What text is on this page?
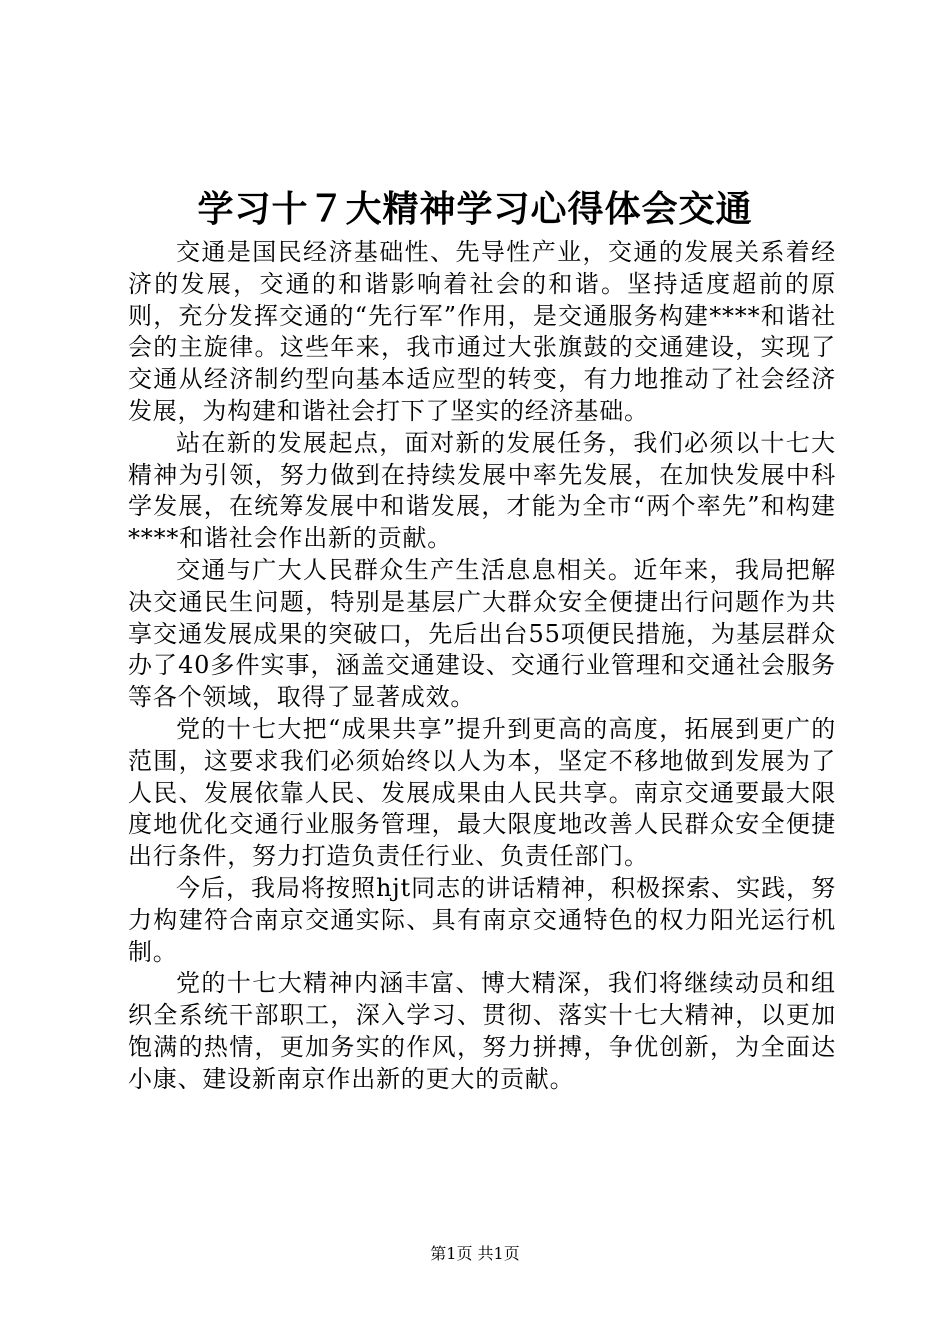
学习十７大精神学习心得体会交通

交通是国民经济基础性、先导性产业，交通的发展关系着经济的发展，交通的和谐影响着社会的和谐。坚持适度超前的原则，充分发挥交通的“先行军”作用，是交通服务构建****和谐社会的主旋律。这些年来，我市通过大张旗鼓的交通建设，实现了交通从经济制约型向基本适应型的转变，有力地推动了社会经济发展，为构建和谐社会打下了坚实的经济基础。

站在新的发展起点，面对新的发展任务，我们必须以十七大精神为引领，努力做到在持续发展中率先发展，在加快发展中科学发展，在统筹发展中和谐发展，才能为全市“两个率先”和构建****和谐社会作出新的贡献。

交通与广大人民群众生产生活息息相关。近年来，我局把解决交通民生问题，特别是基层广大群众安全便捷出行问题作为共享交通发展成果的突破口，先后出台55项便民措施，为基层群众办了40多件实事，涵盖交通建设、交通行业管理和交通社会服务等各个领域，取得了显著成效。

党的十七大把“成果共享”提升到更高的高度，拓展到更广的范围，这要求我们必须始终以人为本，坚定不移地做到发展为了人民、发展依靠人民、发展成果由人民共享。南京交通要最大限度地优化交通行业服务管理，最大限度地改善人民群众安全便捷出行条件，努力打造负责任行业、负责任部门。

今后，我局将按照hjt同志的讲话精神，积极探索、实践，努力构建符合南京交通实际、具有南京交通特色的权力阳光运行机制。

党的十七大精神内涵丰富、博大精深，我们将继续动员和组织全系统干部职工，深入学习、贯彻、落实十七大精神，以更加饱满的热情，更加务实的作风，努力拼搏，争优创新，为全面达小康、建设新南京作出新的更大的贡献。

第1页 共1页
